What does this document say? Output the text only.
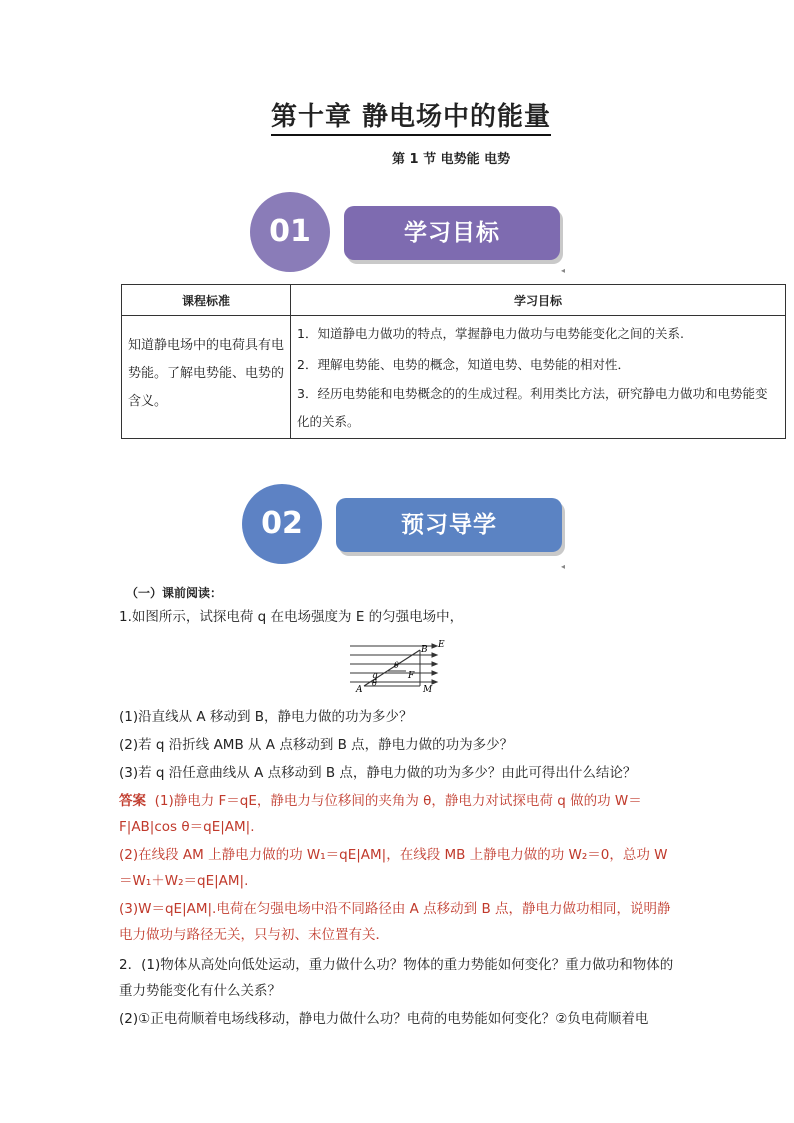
第十章 静电场中的能量
第 1 节 电势能 电势
学习目标
01
◂
课程标准	学习目标
知道静电场中的电荷具有电势能。了解电势能、电势的含义。	1．知道静电力做功的特点，掌握静电力做功与电势能变化之间的关系.
2．理解电势能、电势的概念，知道电势、电势能的相对性．
3．经历电势能和电势概念的的生成过程。利用类比方法，研究静电力做功和电势能变化的关系。
预习导学
02
◂
（一）课前阅读：
1.如图所示，试探电荷 q 在电场强度为 E 的匀强电场中，
E
B
A	M
F
q
θ
θ
(1)沿直线从 A 移动到 B，静电力做的功为多少？
(2)若 q 沿折线 AMB 从 A 点移动到 B 点，静电力做的功为多少？
(3)若 q 沿任意曲线从 A 点移动到 B 点，静电力做的功为多少？由此可得出什么结论？
答案 (1)静电力 F＝qE，静电力与位移间的夹角为 θ，静电力对试探电荷 q 做的功 W＝F|AB|cos θ＝qE|AM|.
(2)在线段 AM 上静电力做的功 W₁＝qE|AM|，在线段 MB 上静电力做的功 W₂＝0，总功 W＝W₁＋W₂＝qE|AM|.
(3)W＝qE|AM|.电荷在匀强电场中沿不同路径由 A 点移动到 B 点，静电力做功相同，说明静电力做功与路径无关，只与初、末位置有关．
2．(1)物体从高处向低处运动，重力做什么功？物体的重力势能如何变化？重力做功和物体的重力势能变化有什么关系？
(2)①正电荷顺着电场线移动，静电力做什么功？电荷的电势能如何变化？②负电荷顺着电
